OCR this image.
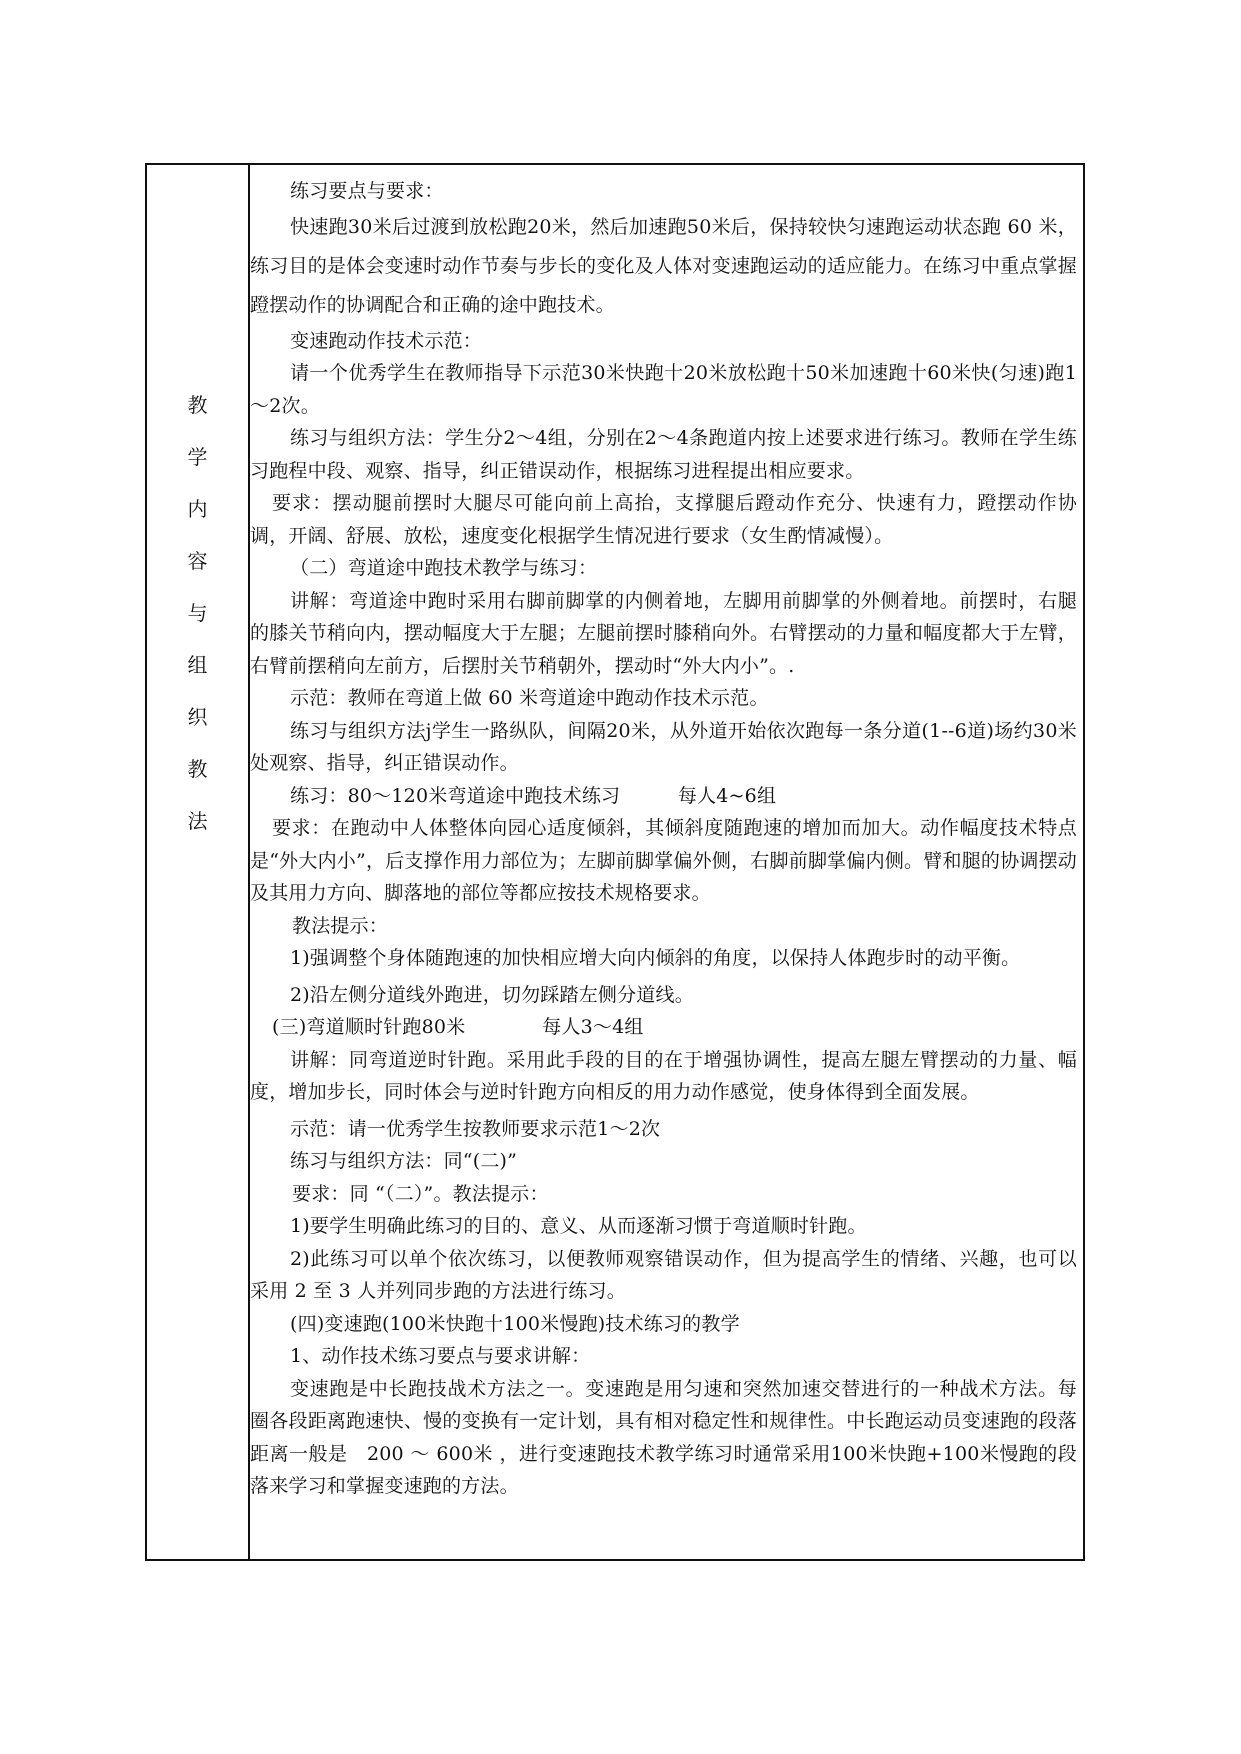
教
学
内
容
与
组
织
教
法

练习要点与要求：

快速跑30米后过渡到放松跑20米，然后加速跑50米后，保持较快匀速跑运动状态跑 60 米，练习目的是体会变速时动作节奏与步长的变化及人体对变速跑运动的适应能力。在练习中重点掌握蹬摆动作的协调配合和正确的途中跑技术。

变速跑动作技术示范：

请一个优秀学生在教师指导下示范30米快跑十20米放松跑十50米加速跑十60米快(匀速)跑1～2次。

练习与组织方法：学生分2～4组，分别在2～4条跑道内按上述要求进行练习。教师在学生练习跑程中段、观察、指导，纠正错误动作，根据练习进程提出相应要求。

要求：摆动腿前摆时大腿尽可能向前上高抬，支撑腿后蹬动作充分、快速有力，蹬摆动作协调，开阔、舒展、放松，速度变化根据学生情况进行要求（女生酌情减慢）。

（二）弯道途中跑技术教学与练习：

讲解：弯道途中跑时采用右脚前脚掌的内侧着地，左脚用前脚掌的外侧着地。前摆时，右腿的膝关节稍向内，摆动幅度大于左腿；左腿前摆时膝稍向外。右臂摆动的力量和幅度都大于左臂，右臂前摆稍向左前方，后摆肘关节稍朝外，摆动时“外大内小”。.

示范：教师在弯道上做 60 米弯道途中跑动作技术示范。

练习与组织方法j学生一路纵队，间隔20米，从外道开始依次跑每一条分道(1--6道)场约30米处观察、指导，纠正错误动作。

练习：80～120米弯道途中跑技术练习　　　每人4~6组

要求：在跑动中人体整体向园心适度倾斜，其倾斜度随跑速的增加而加大。动作幅度技术特点是“外大内小”，后支撑作用力部位为；左脚前脚掌偏外侧，右脚前脚掌偏内侧。臂和腿的协调摆动及其用力方向、脚落地的部位等都应按技术规格要求。

教法提示：

1)强调整个身体随跑速的加快相应增大向内倾斜的角度，以保持人体跑步时的动平衡。

2)沿左侧分道线外跑进，切勿踩踏左侧分道线。

(三)弯道顺时针跑80米　　　　每人3～4组

讲解：同弯道逆时针跑。采用此手段的目的在于增强协调性，提高左腿左臂摆动的力量、幅度，增加步长，同时体会与逆时针跑方向相反的用力动作感觉，使身体得到全面发展。

示范：请一优秀学生按教师要求示范1～2次

练习与组织方法：同“(二)”

要求：同 “（二）”。教法提示：

1)要学生明确此练习的目的、意义、从而逐渐习惯于弯道顺时针跑。

2)此练习可以单个依次练习，以便教师观察错误动作，但为提高学生的情绪、兴趣，也可以采用 2 至 3 人并列同步跑的方法进行练习。

(四)变速跑(100米快跑十100米慢跑)技术练习的教学

1、动作技术练习要点与要求讲解：

变速跑是中长跑技战术方法之一。变速跑是用匀速和突然加速交替进行的一种战术方法。每圈各段距离跑速快、慢的变换有一定计划，具有相对稳定性和规律性。中长跑运动员变速跑的段落距离一般是　200 ～ 600米 ，进行变速跑技术教学练习时通常采用100米快跑+100米慢跑的段落来学习和掌握变速跑的方法。
